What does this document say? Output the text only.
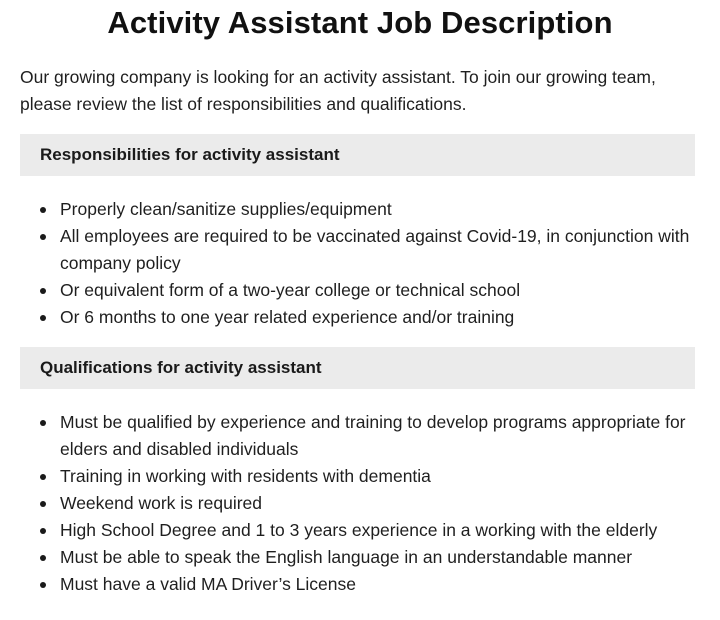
Activity Assistant Job Description

Our growing company is looking for an activity assistant. To join our growing team, please review the list of responsibilities and qualifications.

Responsibilities for activity assistant
Properly clean/sanitize supplies/equipment
All employees are required to be vaccinated against Covid-19, in conjunction with company policy
Or equivalent form of a two-year college or technical school
Or 6 months to one year related experience and/or training
Qualifications for activity assistant
Must be qualified by experience and training to develop programs appropriate for elders and disabled individuals
Training in working with residents with dementia
Weekend work is required
High School Degree and 1 to 3 years experience in a working with the elderly
Must be able to speak the English language in an understandable manner
Must have a valid MA Driver’s License
